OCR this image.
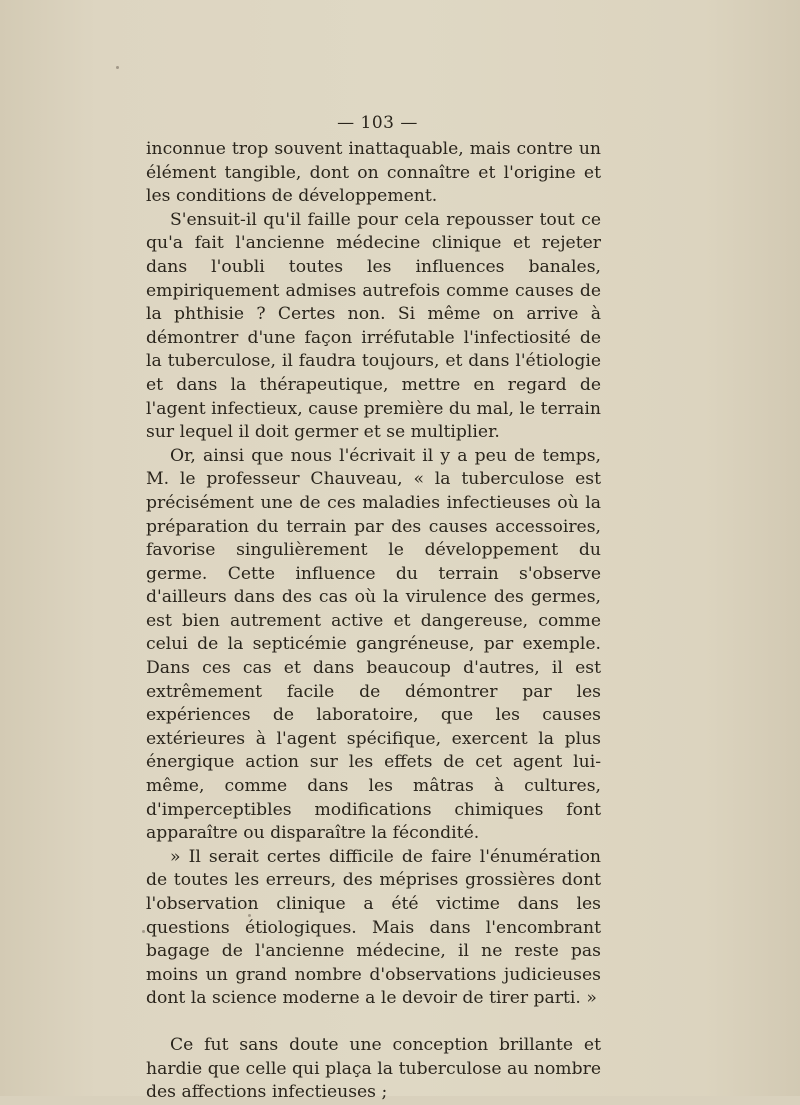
— 103 —

inconnue trop souvent inattaquable, mais contre un élément tangible, dont on connaître et l'origine et les conditions de développement.

S'ensuit-il qu'il faille pour cela repousser tout ce qu'a fait l'ancienne médecine clinique et rejeter dans l'oubli toutes les influences banales, empiriquement admises autrefois comme causes de la phthisie ? Certes non. Si même on arrive à démontrer d'une façon irréfutable l'infectiosité de la tuberculose, il faudra toujours, et dans l'étiologie et dans la thérapeutique, mettre en regard de l'agent infectieux, cause première du mal, le terrain sur lequel il doit germer et se multiplier.

Or, ainsi que nous l'écrivait il y a peu de temps, M. le professeur Chauveau, « la tuberculose est précisément une de ces maladies infectieuses où la préparation du terrain par des causes accessoires, favorise singulièrement le développement du germe. Cette influence du terrain s'observe d'ailleurs dans des cas où la virulence des germes, est bien autrement active et dangereuse, comme celui de la septicémie gangréneuse, par exemple. Dans ces cas et dans beaucoup d'autres, il est extrêmement facile de démontrer par les expériences de laboratoire, que les causes extérieures à l'agent spécifique, exercent la plus énergique action sur les effets de cet agent lui-même, comme dans les mâtras à cultures, d'imperceptibles modifications chimiques font apparaître ou disparaître la fécondité.

» Il serait certes difficile de faire l'énumération de toutes les erreurs, des méprises grossières dont l'observation clinique a été victime dans les questions étiologiques. Mais dans l'encombrant bagage de l'ancienne médecine, il ne reste pas moins un grand nombre d'observations judicieuses dont la science moderne a le devoir de tirer parti. »

Ce fut sans doute une conception brillante et hardie que celle qui plaça la tuberculose au nombre des affections infectieuses ;
